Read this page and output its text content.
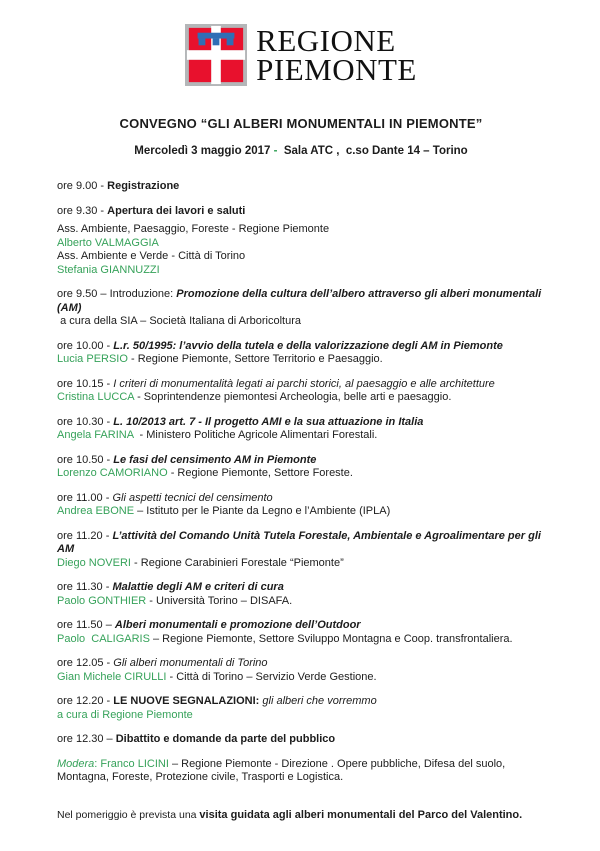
REGIONE
PIEMONTE
CONVEGNO “GLI ALBERI MONUMENTALI IN PIEMONTE”
Mercoledì 3 maggio 2017 - Sala ATC ,  c.so Dante 14 – Torino
ore 9.00 - Registrazione
ore 9.30 - Apertura dei lavori e saluti
Ass. Ambiente, Paesaggio, Foreste - Regione Piemonte
Alberto VALMAGGIA
Ass. Ambiente e Verde - Città di Torino
Stefania GIANNUZZI
ore 9.50 – Introduzione: Promozione della cultura dell’albero attraverso gli alberi monumentali (AM)
a cura della SIA – Società Italiana di Arboricoltura
ore 10.00 - L.r. 50/1995: l’avvio della tutela e della valorizzazione degli AM in Piemonte
Lucia PERSIO - Regione Piemonte, Settore Territorio e Paesaggio.
ore 10.15 - I criteri di monumentalità legati ai parchi storici, al paesaggio e alle architetture
Cristina LUCCA - Soprintendenze piemontesi Archeologia, belle arti e paesaggio.
ore 10.30 - L. 10/2013 art. 7 - Il progetto AMI e la sua attuazione in Italia
Angela FARINA  - Ministero Politiche Agricole Alimentari Forestali.
ore 10.50 - Le fasi del censimento AM in Piemonte
Lorenzo CAMORIANO - Regione Piemonte, Settore Foreste.
ore 11.00 - Gli aspetti tecnici del censimento
Andrea EBONE – Istituto per le Piante da Legno e l’Ambiente (IPLA)
ore 11.20 - L’attività del Comando Unità Tutela Forestale, Ambientale e Agroalimentare per gli AM
Diego NOVERI - Regione Carabinieri Forestale “Piemonte”
ore 11.30 - Malattie degli AM e criteri di cura
Paolo GONTHIER - Università Torino – DISAFA.
ore 11.50 – Alberi monumentali e promozione dell’Outdoor
Paolo  CALIGARIS – Regione Piemonte, Settore Sviluppo Montagna e Coop. transfrontaliera.
ore 12.05 - Gli alberi monumentali di Torino
Gian Michele CIRULLI - Città di Torino – Servizio Verde Gestione.
ore 12.20 - LE NUOVE SEGNALAZIONI: gli alberi che vorremmo
a cura di Regione Piemonte
ore 12.30 – Dibattito e domande da parte del pubblico
Modera: Franco LICINI – Regione Piemonte - Direzione . Opere pubbliche, Difesa del suolo, Montagna, Foreste, Protezione civile, Trasporti e Logistica.
Nel pomeriggio è prevista una visita guidata agli alberi monumentali del Parco del Valentino.
